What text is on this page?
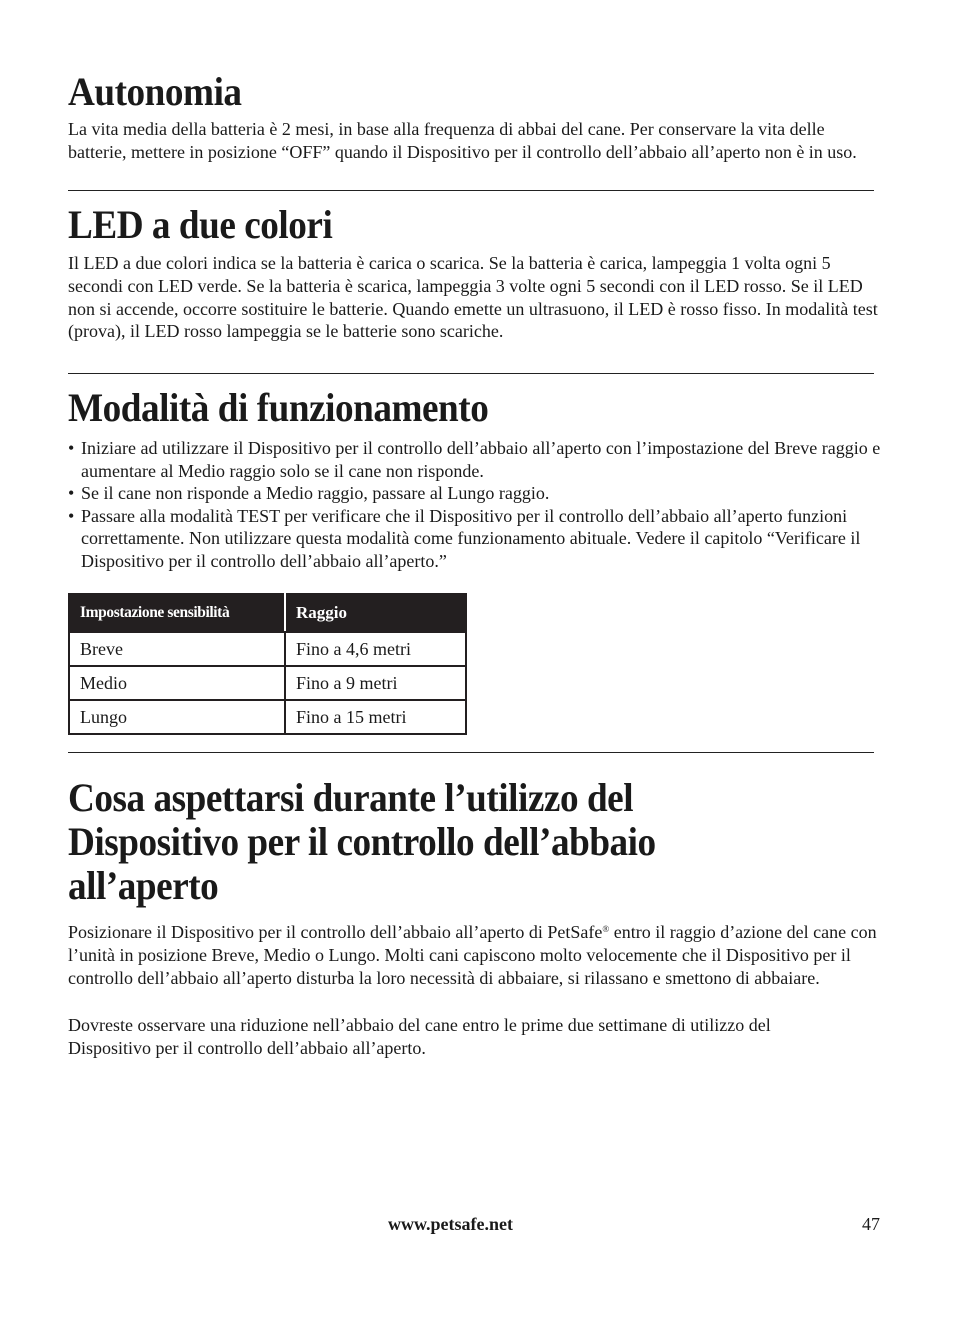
Autonomia

La vita media della batteria è 2 mesi, in base alla frequenza di abbai del cane. Per conservare la vita delle batterie, mettere in posizione “OFF” quando il Dispositivo per il controllo dell’abbaio all’aperto non è in uso.

LED a due colori

Il LED a due colori indica se la batteria è carica o scarica. Se la batteria è carica, lampeggia 1 volta ogni 5 secondi con LED verde. Se la batteria è scarica, lampeggia 3 volte ogni 5 secondi con il LED rosso. Se il LED non si accende, occorre sostituire le batterie. Quando emette un ultrasuono, il LED è rosso fisso. In modalità test (prova), il LED rosso lampeggia se le batterie sono scariche.

Modalità di funzionamento
• Iniziare ad utilizzare il Dispositivo per il controllo dell’abbaio all’aperto con l’impostazione del Breve raggio e aumentare al Medio raggio solo se il cane non risponde.
• Se il cane non risponde a Medio raggio, passare al Lungo raggio.
• Passare alla modalità TEST per verificare che il Dispositivo per il controllo dell’abbaio all’aperto funzioni correttamente. Non utilizzare questa modalità come funzionamento abituale. Vedere il capitolo “Verificare il Dispositivo per il controllo dell’abbaio all’aperto.”
Impostazione sensibilità	Raggio
Breve	Fino a 4,6 metri
Medio	Fino a 9 metri
Lungo	Fino a 15 metri
Cosa aspettarsi durante l’utilizzo del
Dispositivo per il controllo dell’abbaio
all’aperto

Posizionare il Dispositivo per il controllo dell’abbaio all’aperto di PetSafe® entro il raggio d’azione del cane con l’unità in posizione Breve, Medio o Lungo. Molti cani capiscono molto velocemente che il Dispositivo per il controllo dell’abbaio all’aperto disturba la loro necessità di abbaiare, si rilassano e smettono di abbaiare.

Dovreste osservare una riduzione nell’abbaio del cane entro le prime due settimane di utilizzo del Dispositivo per il controllo dell’abbaio all’aperto.

www.petsafe.net	47
